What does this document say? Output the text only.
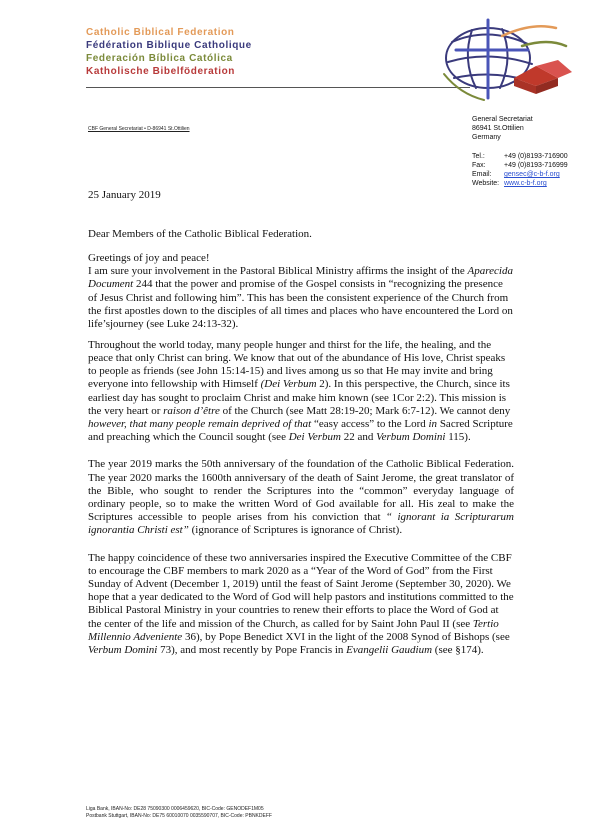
Catholic Biblical Federation
Fédération Biblique Catholique
Federación Bíblica Católica
Katholische Bibelföderation
CBF General Secretariat • D-86941 St.Ottilien
General Secretariat
86941 St.Ottilien
Germany
Tel.:	+49 (0)8193-716900
Fax:	+49 (0)8193-716999
Email:	gensec@c-b-f.org
Website: www.c-b-f.org
25 January 2019
Dear Members of the Catholic Biblical Federation.

Greetings of joy and peace!

I am sure your involvement in the Pastoral Biblical Ministry affirms the insight of the Aparecida Document 244 that the power and promise of the Gospel consists in “recognizing the presence of Jesus Christ and following him”. This has been the consistent experience of the Church from the first apostles down to the disciples of all times and places who have encountered the Lord on life’sjourney (see Luke 24:13-32).

Throughout the world today, many people hunger and thirst for the life, the healing, and the peace that only Christ can bring. We know that out of the abundance of His love, Christ speaks to people as friends (see John 15:14-15) and lives among us so that He may invite and bring everyone into fellowship with Himself (Dei Verbum 2). In this perspective, the Church, since its earliest day has sought to proclaim Christ and make him known (see 1Cor 2:2). This mission is the very heart or raison d’être of the Church (see Matt 28:19-20; Mark 6:7-12). We cannot deny however, that many people remain deprived of that “easy access” to the Lord in Sacred Scripture and preaching which the Council sought (see Dei Verbum 22 and Verbum Domini 115).

The year 2019 marks the 50th anniversary of the foundation of the Catholic Biblical Federation. The year 2020 marks the 1600th anniversary of the death of Saint Jerome, the great translator of the Bible, who sought to render the Scriptures into the “common” everyday language of ordinary people, so to make the written Word of God available for all. His zeal to make the Scriptures accessible to people arises from his conviction that “ ignorant ia Scripturarum ignorantia Christi est” (ignorance of Scriptures is ignorance of Christ).

The happy coincidence of these two anniversaries inspired the Executive Committee of the CBF to encourage the CBF members to mark 2020 as a “Year of the Word of God” from the First Sunday of Advent (December 1, 2019) until the feast of Saint Jerome (September 30, 2020). We hope that a year dedicated to the Word of God will help pastors and institutions committed to the Biblical Pastoral Ministry in your countries to renew their efforts to place the Word of God at the center of the life and mission of the Church, as called for by Saint John Paul II (see Tertio Millennio Adveniente 36), by Pope Benedict XVI in the light of the 2008 Synod of Bishops (see Verbum Domini 73), and most recently by Pope Francis in Evangelii Gaudium (see §174).

Liga Bank, IBAN-No: DE28 75090300 0006459620, BIC-Code: GENODEF1M05
Postbank Stuttgart, IBAN-No: DE75 60010070 0035590707, BIC-Code: PBNKDEFF
